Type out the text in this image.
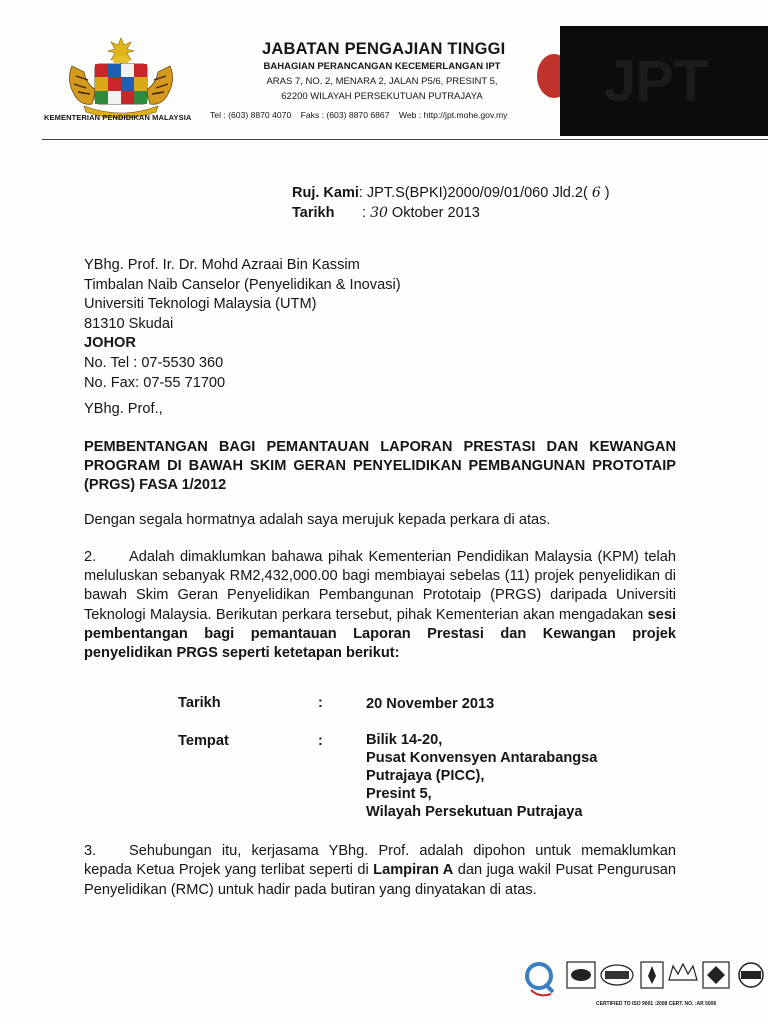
KEMENTERIAN PENDIDIKAN MALAYSIA
JABATAN PENGAJIAN TINGGI
BAHAGIAN PERANCANGAN KECEMERLANGAN IPT
ARAS 7, NO. 2, MENARA 2, JALAN P5/6, PRESINT 5,
62200 WILAYAH PERSEKUTUAN PUTRAJAYA
Tel : (603) 8870 4070 Faks : (603) 8870 6867 Web : http://jpt.mohe.gov.my
JPT
Ruj. Kami: JPT.S(BPKI)2000/09/01/060 Jld.2( 6 )
Tarikh : 30 Oktober 2013
YBhg. Prof. Ir. Dr. Mohd Azraai Bin Kassim
Timbalan Naib Canselor (Penyelidikan & Inovasi)
Universiti Teknologi Malaysia (UTM)
81310 Skudai
JOHOR
No. Tel : 07-5530 360
No. Fax: 07-55 71700
YBhg. Prof.,
PEMBENTANGAN BAGI PEMANTAUAN LAPORAN PRESTASI DAN KEWANGAN PROGRAM DI BAWAH SKIM GERAN PENYELIDIKAN PEMBANGUNAN PROTOTAIP (PRGS) FASA 1/2012
Dengan segala hormatnya adalah saya merujuk kepada perkara di atas.
2. Adalah dimaklumkan bahawa pihak Kementerian Pendidikan Malaysia (KPM) telah meluluskan sebanyak RM2,432,000.00 bagi membiayai sebelas (11) projek penyelidikan di bawah Skim Geran Penyelidikan Pembangunan Prototaip (PRGS) daripada Universiti Teknologi Malaysia. Berikutan perkara tersebut, pihak Kementerian akan mengadakan sesi pembentangan bagi pemantauan Laporan Prestasi dan Kewangan projek penyelidikan PRGS seperti ketetapan berikut:
Tarikh	:	20 November 2013
Tempat	:	Bilik 14-20,
Pusat Konvensyen Antarabangsa
Putrajaya (PICC),
Presint 5,
Wilayah Persekutuan Putrajaya
3. Sehubungan itu, kerjasama YBhg. Prof. adalah dipohon untuk memaklumkan kepada Ketua Projek yang terlibat seperti di Lampiran A dan juga wakil Pusat Pengurusan Penyelidikan (RMC) untuk hadir pada butiran yang dinyatakan di atas.
CERTIFIED TO ISO 9001 :2008 CERT. NO. :AR 5006
